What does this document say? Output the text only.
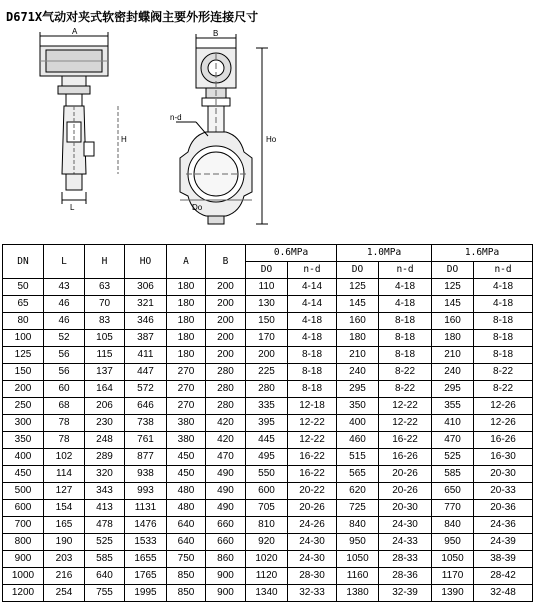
D671X气动对夹式软密封蝶阀主要外形连接尺寸
A
L
H
B
Ho
n-d
Do
DN	L	H	HO	A	B	0.6MPa		1.0MPa		1.6MPa	
						DO	n-d	DO	n-d	DO	n-d
50	43	63	306	180	200	110	4-14	125	4-18	125	4-18
65	46	70	321	180	200	130	4-14	145	4-18	145	4-18
80	46	83	346	180	200	150	4-18	160	8-18	160	8-18
100	52	105	387	180	200	170	4-18	180	8-18	180	8-18
125	56	115	411	180	200	200	8-18	210	8-18	210	8-18
150	56	137	447	270	280	225	8-18	240	8-22	240	8-22
200	60	164	572	270	280	280	8-18	295	8-22	295	8-22
250	68	206	646	270	280	335	12-18	350	12-22	355	12-26
300	78	230	738	380	420	395	12-22	400	12-22	410	12-26
350	78	248	761	380	420	445	12-22	460	16-22	470	16-26
400	102	289	877	450	470	495	16-22	515	16-26	525	16-30
450	114	320	938	450	490	550	16-22	565	20-26	585	20-30
500	127	343	993	480	490	600	20-22	620	20-26	650	20-33
600	154	413	1131	480	490	705	20-26	725	20-30	770	20-36
700	165	478	1476	640	660	810	24-26	840	24-30	840	24-36
800	190	525	1533	640	660	920	24-30	950	24-33	950	24-39
900	203	585	1655	750	860	1020	24-30	1050	28-33	1050	38-39
1000	216	640	1765	850	900	1120	28-30	1160	28-36	1170	28-42
1200	254	755	1995	850	900	1340	32-33	1380	32-39	1390	32-48
